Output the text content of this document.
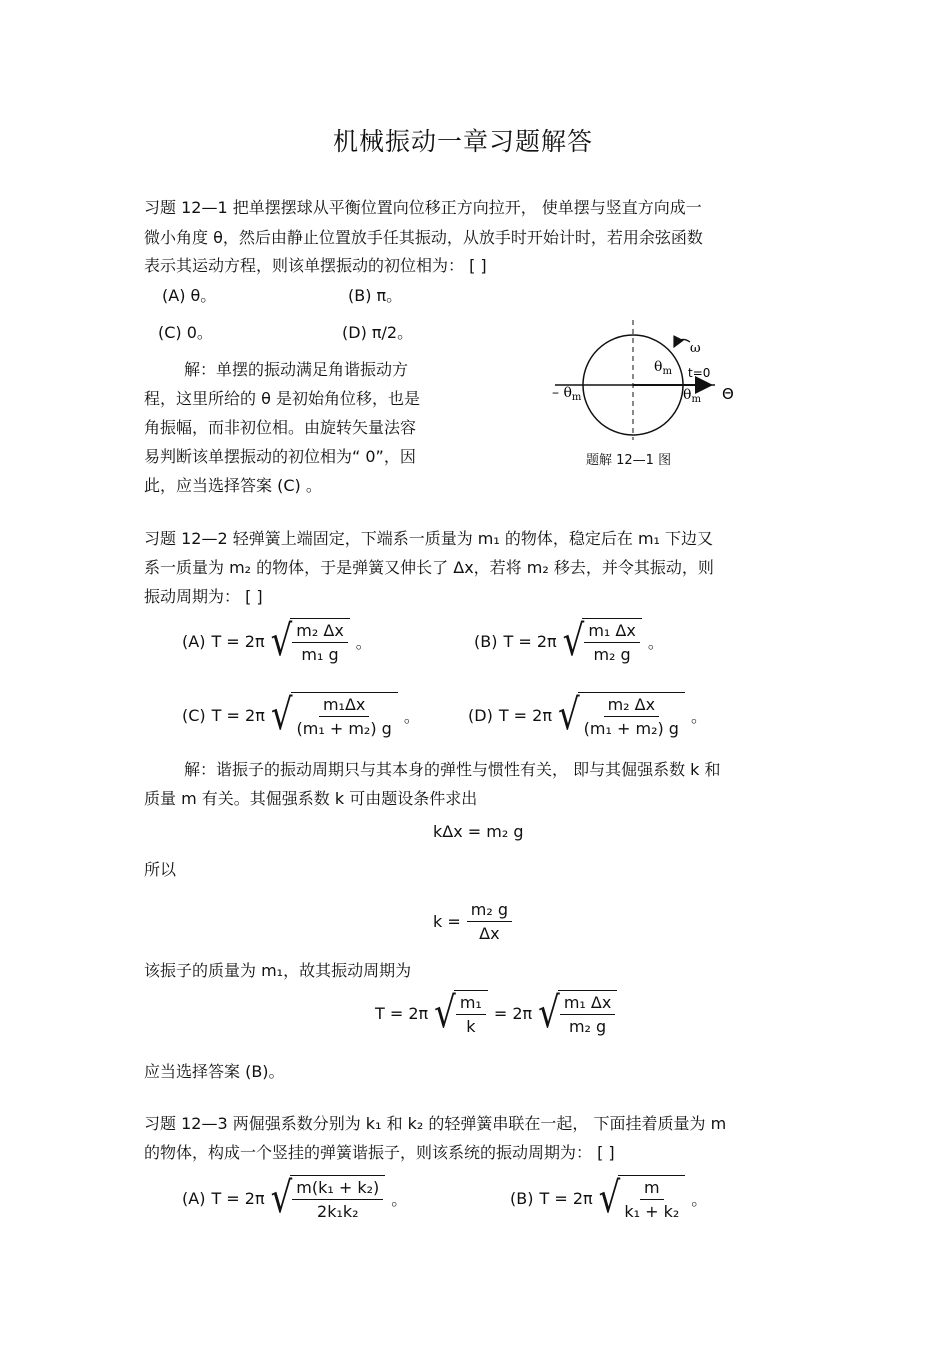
机械振动一章习题解答
习题 12—1 把单摆摆球从平衡位置向位移正方向拉开， 使单摆与竖直方向成一
微小角度 θ，然后由静止位置放手任其振动，从放手时开始计时，若用余弦函数
表示其运动方程，则该单摆振动的初位相为： [ ]
(A) θ。	(B) π。
(C) 0。	(D) π/2。
解：单摆的振动满足角谐振动方
程，这里所给的 θ 是初始角位移，也是
角振幅，而非初位相。由旋转矢量法容
易判断该单摆振动的初位相为“ 0”，因
此，应当选择答案 (C) 。
ω
$\theta_m$ t=0
– $\theta_m$	$\theta_m$ Θ
题解 12—1 图
习题 12—2 轻弹簧上端固定，下端系一质量为 m₁ 的物体，稳定后在 m₁ 下边又
系一质量为 m₂ 的物体，于是弹簧又伸长了 Δx，若将 m₂ 移去，并令其振动，则
振动周期为： [ ]
(A) T = 2π √ $\frac{\text{m₂ Δx}}{\text{m₁ g}}$ 。	(B) T = 2π √ $\frac{\text{m₁ Δx}}{\text{m₂ g}}$ 。
(C) T = 2π √ $\frac{\text{m₁Δx}}{\text{(m₁ + m₂) g}}$ 。	(D) T = 2π √ $\frac{\text{m₂ Δx}}{\text{(m₁ + m₂) g}}$ 。
解：谐振子的振动周期只与其本身的弹性与惯性有关， 即与其倔强系数 k 和
质量 m 有关。其倔强系数 k 可由题设条件求出
kΔx = m₂ g
所以
$k = \frac{\text{m₂ g}}{\Delta x}$
该振子的质量为 m₁，故其振动周期为
T = 2π √ $\frac{\text{m₁}}{k} = 2\pi$ √ $\frac{\text{m₁ Δx}}{\text{m₂ g}}$
应当选择答案 (B)。
习题 12—3 两倔强系数分别为 k₁ 和 k₂ 的轻弹簧串联在一起， 下面挂着质量为 m
的物体，构成一个竖挂的弹簧谐振子，则该系统的振动周期为： [ ]
(A) T = 2π √ $\frac{\text{m(k₁ + k₂)}}{\text{2k₁k₂}}$ 。	(B) T = 2π √ $\frac{m}{\text{k₁ + k₂}}$ 。
